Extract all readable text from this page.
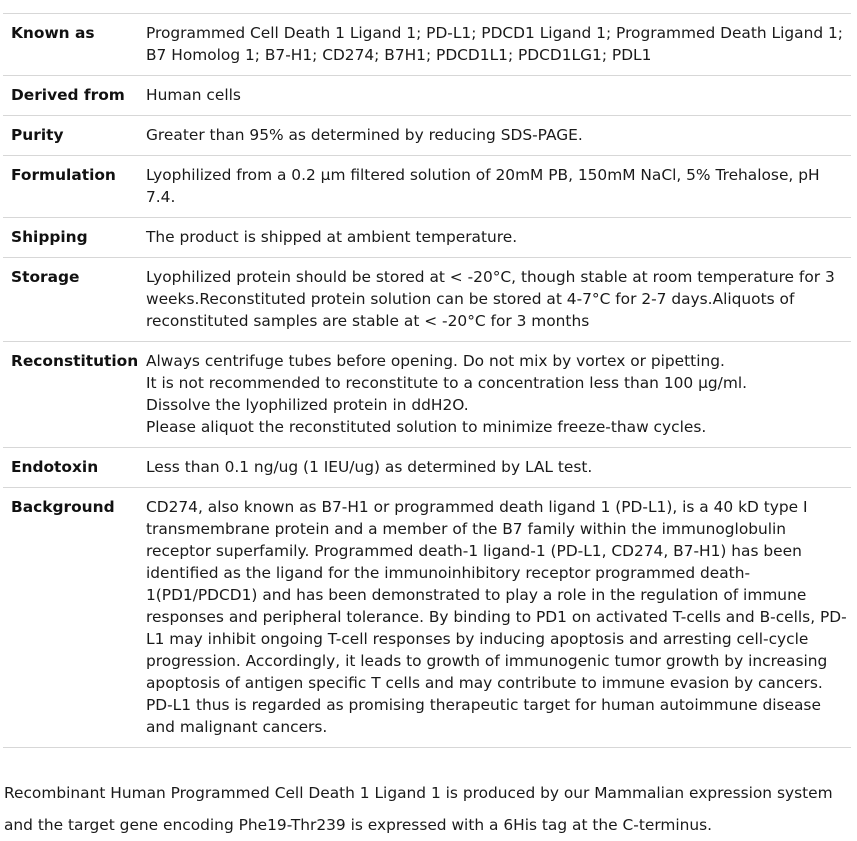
Known as	Programmed Cell Death 1 Ligand 1; PD-L1; PDCD1 Ligand 1; Programmed Death Ligand 1; B7 Homolog 1; B7-H1; CD274; B7H1; PDCD1L1; PDCD1LG1; PDL1

Derived from	Human cells

Purity	Greater than 95% as determined by reducing SDS-PAGE.

Formulation	Lyophilized from a 0.2 μm filtered solution of 20mM PB, 150mM NaCl, 5% Trehalose, pH 7.4.

Shipping	The product is shipped at ambient temperature.

Storage	Lyophilized protein should be stored at < -20°C, though stable at room temperature for 3 weeks.Reconstituted protein solution can be stored at 4-7°C for 2-7 days.Aliquots of reconstituted samples are stable at < -20°C for 3 months

Reconstitution	Always centrifuge tubes before opening. Do not mix by vortex or pipetting.
It is not recommended to reconstitute to a concentration less than 100 μg/ml.
Dissolve the lyophilized protein in ddH2O.
Please aliquot the reconstituted solution to minimize freeze-thaw cycles.

Endotoxin	Less than 0.1 ng/ug (1 IEU/ug) as determined by LAL test.

Background	CD274, also known as B7-H1 or programmed death ligand 1 (PD-L1), is a 40 kD type I transmembrane protein and a member of the B7 family within the immunoglobulin receptor superfamily. Programmed death-1 ligand-1 (PD-L1, CD274, B7-H1) has been identified as the ligand for the immunoinhibitory receptor programmed death-1(PD1/PDCD1) and has been demonstrated to play a role in the regulation of immune responses and peripheral tolerance. By binding to PD1 on activated T-cells and B-cells, PD-L1 may inhibit ongoing T-cell responses by inducing apoptosis and arresting cell-cycle progression. Accordingly, it leads to growth of immunogenic tumor growth by increasing apoptosis of antigen specific T cells and may contribute to immune evasion by cancers. PD-L1 thus is regarded as promising therapeutic target for human autoimmune disease and malignant cancers.

Recombinant Human Programmed Cell Death 1 Ligand 1 is produced by our Mammalian expression system and the target gene encoding Phe19-Thr239 is expressed with a 6His tag at the C-terminus.
